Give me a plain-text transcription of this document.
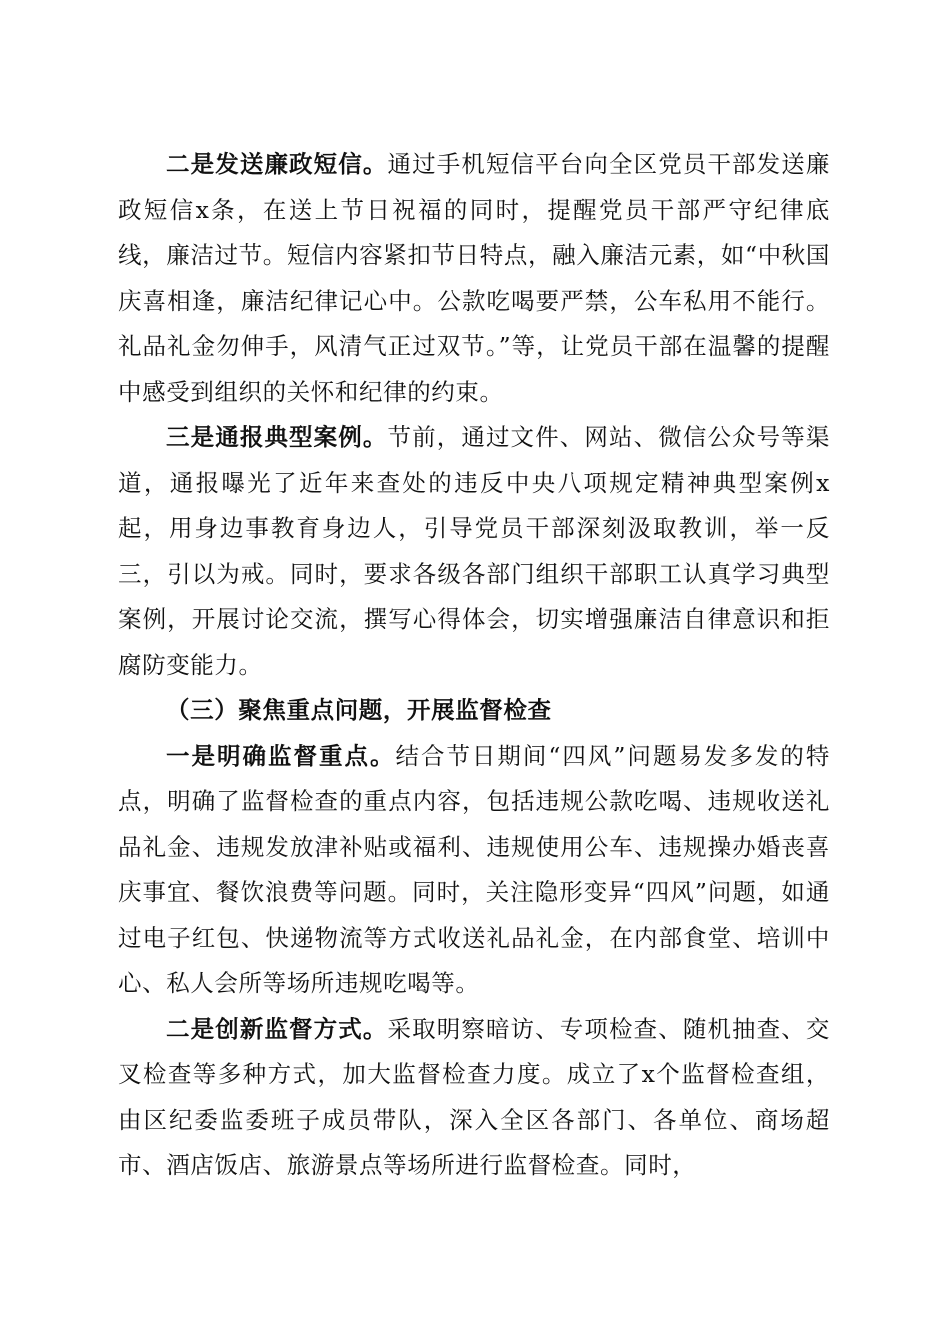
二是发送廉政短信。通过手机短信平台向全区党员干部发送廉政短信x条，在送上节日祝福的同时，提醒党员干部严守纪律底线，廉洁过节。短信内容紧扣节日特点，融入廉洁元素，如“中秋国庆喜相逢，廉洁纪律记心中。公款吃喝要严禁，公车私用不能行。礼品礼金勿伸手，风清气正过双节。”等，让党员干部在温馨的提醒中感受到组织的关怀和纪律的约束。

三是通报典型案例。节前，通过文件、网站、微信公众号等渠道，通报曝光了近年来查处的违反中央八项规定精神典型案例x起，用身边事教育身边人，引导党员干部深刻汲取教训，举一反三，引以为戒。同时，要求各级各部门组织干部职工认真学习典型案例，开展讨论交流，撰写心得体会，切实增强廉洁自律意识和拒腐防变能力。

（三）聚焦重点问题，开展监督检查

一是明确监督重点。结合节日期间“四风”问题易发多发的特点，明确了监督检查的重点内容，包括违规公款吃喝、违规收送礼品礼金、违规发放津补贴或福利、违规使用公车、违规操办婚丧喜庆事宜、餐饮浪费等问题。同时，关注隐形变异“四风”问题，如通过电子红包、快递物流等方式收送礼品礼金，在内部食堂、培训中心、私人会所等场所违规吃喝等。

二是创新监督方式。采取明察暗访、专项检查、随机抽查、交叉检查等多种方式，加大监督检查力度。成立了x个监督检查组，由区纪委监委班子成员带队，深入全区各部门、各单位、商场超市、酒店饭店、旅游景点等场所进行监督检查。同时，
